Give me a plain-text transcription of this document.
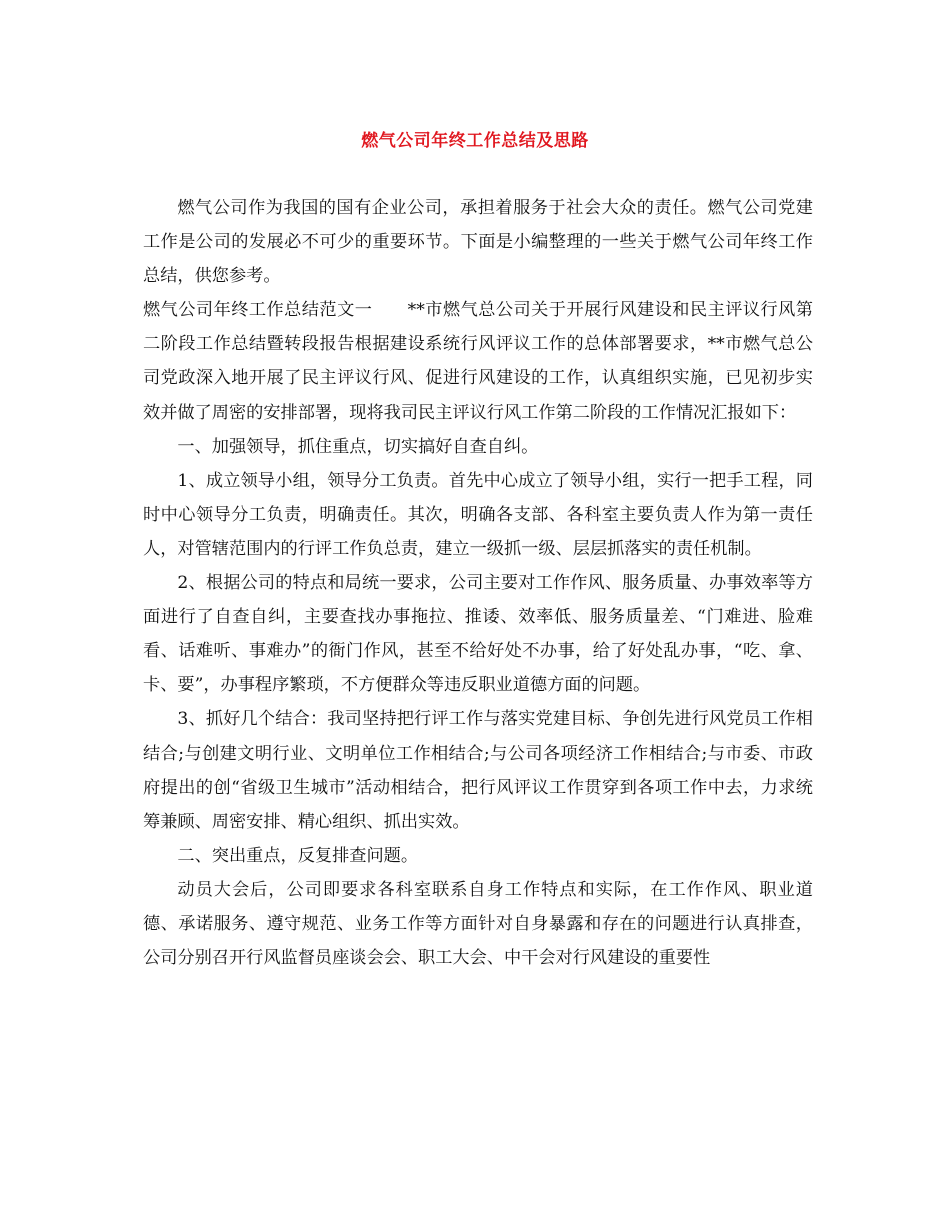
燃气公司年终工作总结及思路

燃气公司作为我国的国有企业公司，承担着服务于社会大众的责任。燃气公司党建工作是公司的发展必不可少的重要环节。下面是小编整理的一些关于燃气公司年终工作总结，供您参考。

燃气公司年终工作总结范文一　　**市燃气总公司关于开展行风建设和民主评议行风第二阶段工作总结暨转段报告根据建设系统行风评议工作的总体部署要求，**市燃气总公司党政深入地开展了民主评议行风、促进行风建设的工作，认真组织实施，已见初步实效并做了周密的安排部署，现将我司民主评议行风工作第二阶段的工作情况汇报如下：

一、加强领导，抓住重点，切实搞好自查自纠。

1、成立领导小组，领导分工负责。首先中心成立了领导小组，实行一把手工程，同时中心领导分工负责，明确责任。其次，明确各支部、各科室主要负责人作为第一责任人，对管辖范围内的行评工作负总责，建立一级抓一级、层层抓落实的责任机制。

2、根据公司的特点和局统一要求，公司主要对工作作风、服务质量、办事效率等方面进行了自查自纠，主要查找办事拖拉、推诿、效率低、服务质量差、“门难进、脸难看、话难听、事难办”的衙门作风，甚至不给好处不办事，给了好处乱办事，“吃、拿、卡、要”，办事程序繁琐，不方便群众等违反职业道德方面的问题。

3、抓好几个结合：我司坚持把行评工作与落实党建目标、争创先进行风党员工作相结合;与创建文明行业、文明单位工作相结合;与公司各项经济工作相结合;与市委、市政府提出的创“省级卫生城市”活动相结合，把行风评议工作贯穿到各项工作中去，力求统筹兼顾、周密安排、精心组织、抓出实效。

二、突出重点，反复排查问题。

动员大会后，公司即要求各科室联系自身工作特点和实际，在工作作风、职业道德、承诺服务、遵守规范、业务工作等方面针对自身暴露和存在的问题进行认真排查，公司分别召开行风监督员座谈会会、职工大会、中干会对行风建设的重要性
